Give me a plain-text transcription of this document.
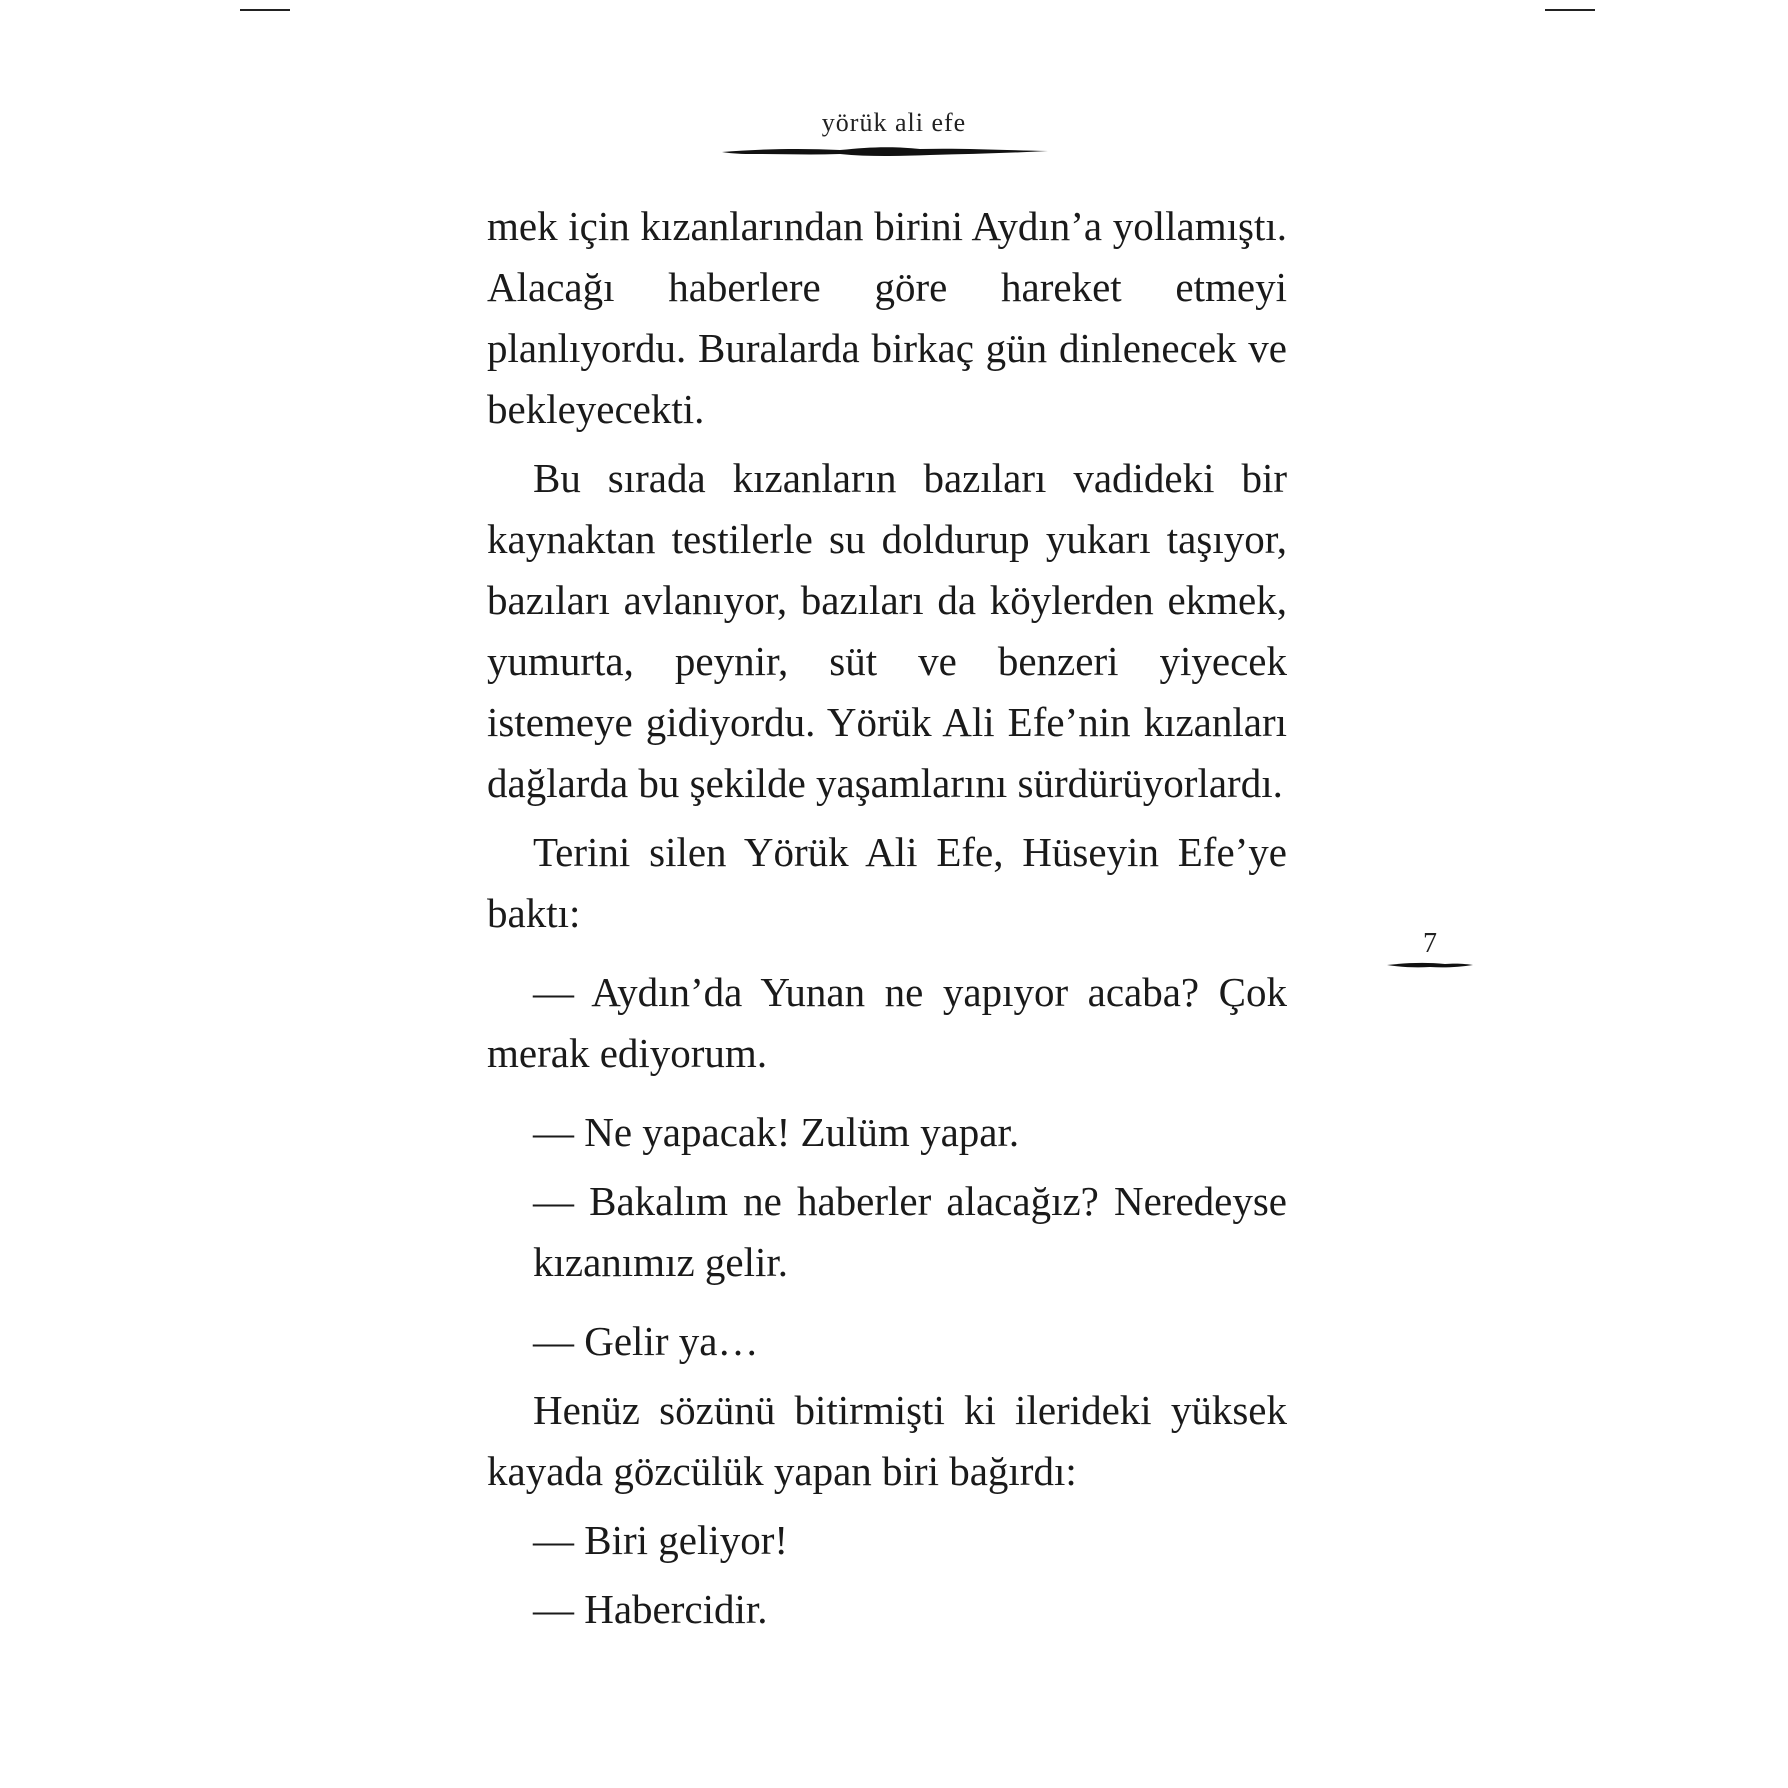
yörük ali efe

mek için kızanlarından birini Aydın’a yollamıştı. Alacağı haberlere göre hareket etmeyi planlıyordu. Buralarda birkaç gün dinlenecek ve bekleyecekti.

Bu sırada kızanların bazıları vadideki bir kaynaktan testilerle su doldurup yukarı taşıyor, bazıları avlanıyor, bazıları da köylerden ekmek, yumurta, peynir, süt ve benzeri yiyecek istemeye gidiyordu. Yörük Ali Efe’nin kızanları dağlarda bu şekilde yaşamlarını sürdürüyorlardı.

Terini silen Yörük Ali Efe, Hüseyin Efe’ye baktı:

— Aydın’da Yunan ne yapıyor acaba? Çok merak ediyorum.

— Ne yapacak! Zulüm yapar.

— Bakalım ne haberler alacağız? Neredeyse kızanımız gelir.

— Gelir ya…

Henüz sözünü bitirmişti ki ilerideki yüksek kayada gözcülük yapan biri bağırdı:

— Biri geliyor!

— Habercidir.

7
